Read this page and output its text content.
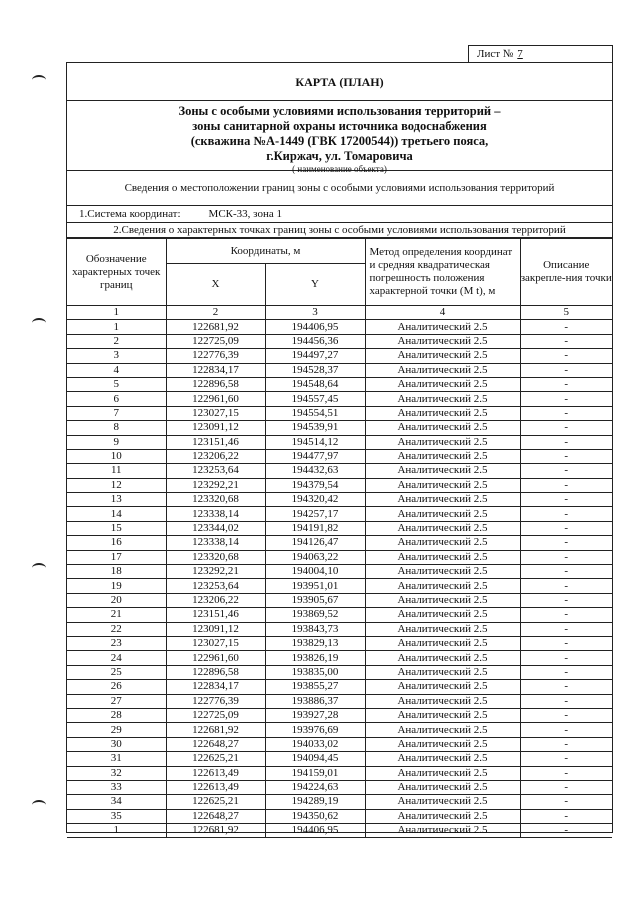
Лист № 7
КАРТА (ПЛАН)
Зоны с особыми условиями использования территорий –
зоны санитарной охраны источника водоснабжения
(скважина №А-1449 (ГВК 17200544)) третьего пояса,
г.Киржач, ул. Томаровича
( наименование объекта)
Сведения о местоположении границ зоны с особыми условиями использования территорий
1.Система координат:	МСК-33, зона 1
2.Сведения о характерных точках границ зоны с особыми условиями использования территорий
Обозначение характерных точек границ	Координаты, м		Метод определения координат и средняя квадратическая погрешность положения характерной точки (М t), м	Описание закрепле-ния точки
	X	Y		
1	2	3	4	5
1	122681,92	194406,95	Аналитический 2.5	-
2	122725,09	194456,36	Аналитический 2.5	-
3	122776,39	194497,27	Аналитический 2.5	-
4	122834,17	194528,37	Аналитический 2.5	-
5	122896,58	194548,64	Аналитический 2.5	-
6	122961,60	194557,45	Аналитический 2.5	-
7	123027,15	194554,51	Аналитический 2.5	-
8	123091,12	194539,91	Аналитический 2.5	-
9	123151,46	194514,12	Аналитический 2.5	-
10	123206,22	194477,97	Аналитический 2.5	-
11	123253,64	194432,63	Аналитический 2.5	-
12	123292,21	194379,54	Аналитический 2.5	-
13	123320,68	194320,42	Аналитический 2.5	-
14	123338,14	194257,17	Аналитический 2.5	-
15	123344,02	194191,82	Аналитический 2.5	-
16	123338,14	194126,47	Аналитический 2.5	-
17	123320,68	194063,22	Аналитический 2.5	-
18	123292,21	194004,10	Аналитический 2.5	-
19	123253,64	193951,01	Аналитический 2.5	-
20	123206,22	193905,67	Аналитический 2.5	-
21	123151,46	193869,52	Аналитический 2.5	-
22	123091,12	193843,73	Аналитический 2.5	-
23	123027,15	193829,13	Аналитический 2.5	-
24	122961,60	193826,19	Аналитический 2.5	-
25	122896,58	193835,00	Аналитический 2.5	-
26	122834,17	193855,27	Аналитический 2.5	-
27	122776,39	193886,37	Аналитический 2.5	-
28	122725,09	193927,28	Аналитический 2.5	-
29	122681,92	193976,69	Аналитический 2.5	-
30	122648,27	194033,02	Аналитический 2.5	-
31	122625,21	194094,45	Аналитический 2.5	-
32	122613,49	194159,01	Аналитический 2.5	-
33	122613,49	194224,63	Аналитический 2.5	-
34	122625,21	194289,19	Аналитический 2.5	-
35	122648,27	194350,62	Аналитический 2.5	-
1	122681,92	194406,95	Аналитический 2.5	-
